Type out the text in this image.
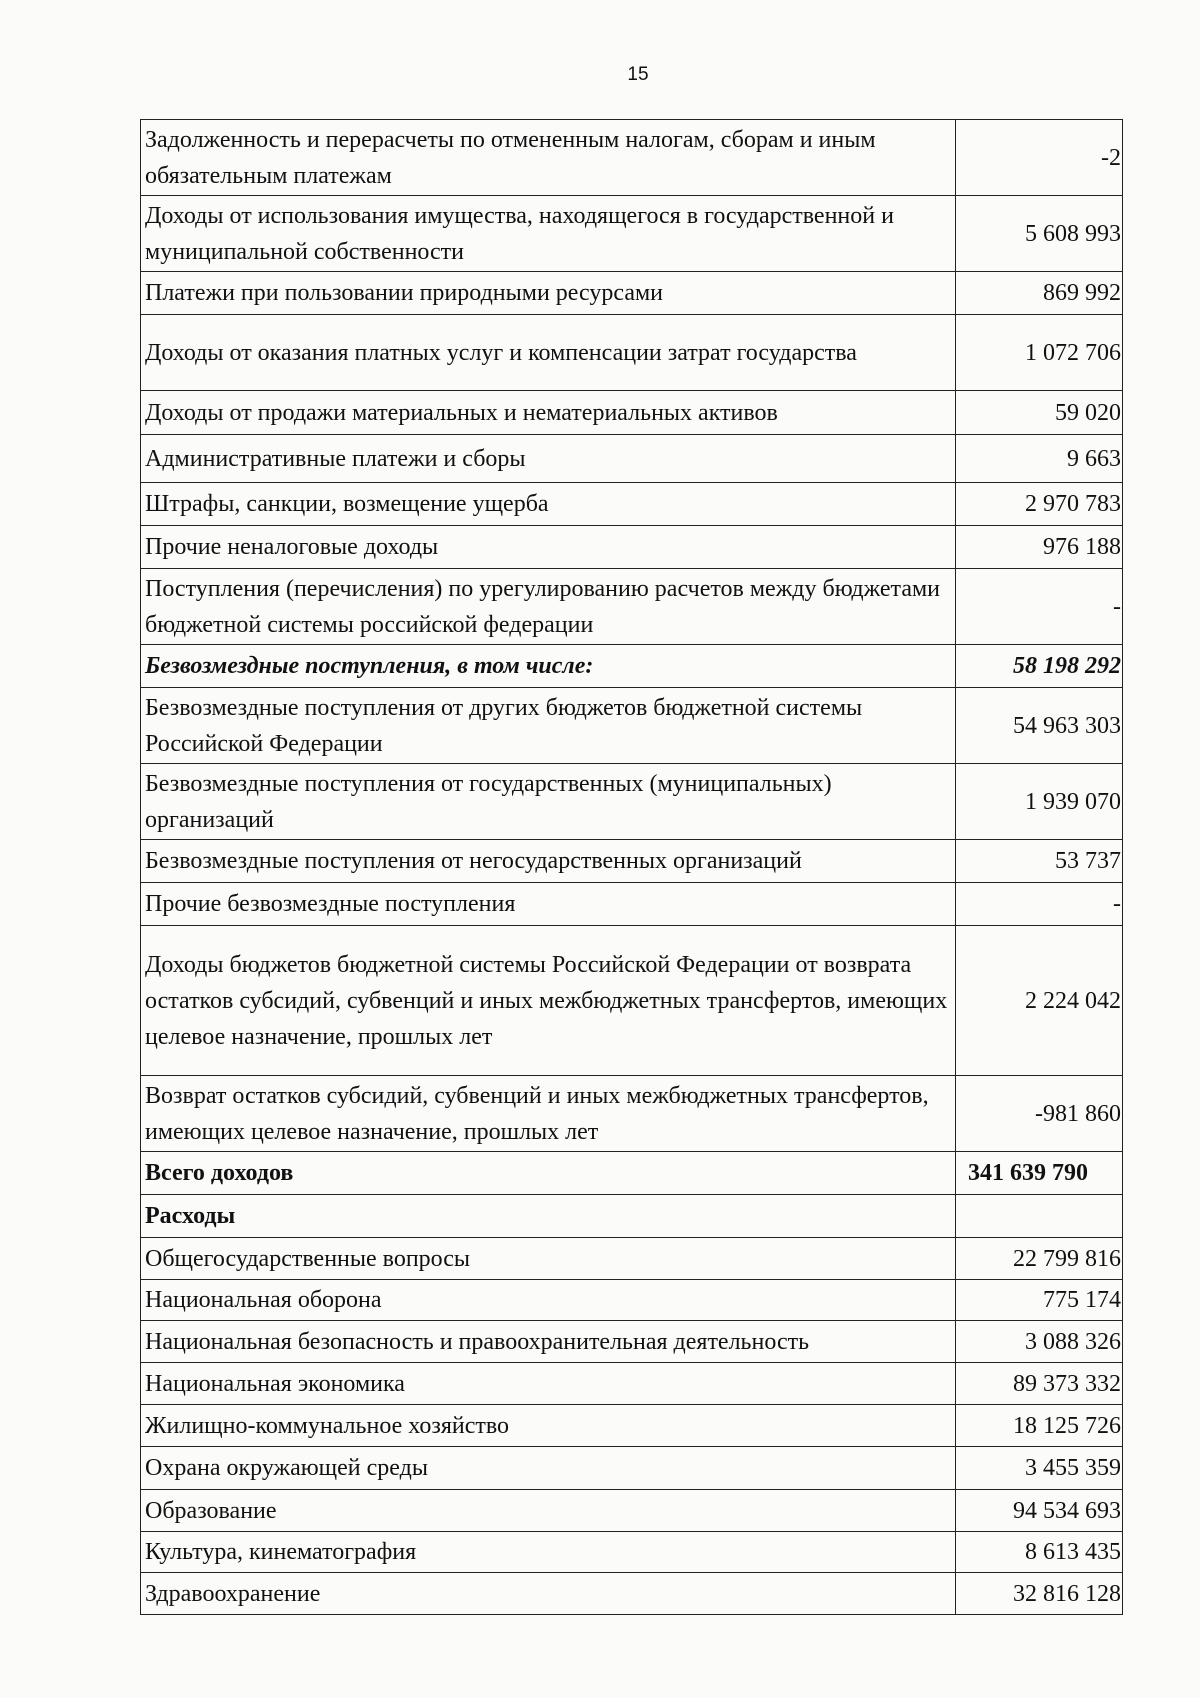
15
Задолженность и перерасчеты по отмененным налогам, сборам и иным обязательным платежам	-2
Доходы от использования имущества, находящегося в государственной и муниципальной собственности	5 608 993
Платежи при пользовании природными ресурсами	869 992
Доходы от оказания платных услуг и компенсации затрат государства	1 072 706
Доходы от продажи материальных и нематериальных активов	59 020
Административные платежи и сборы	9 663
Штрафы, санкции, возмещение ущерба	2 970 783
Прочие неналоговые доходы	976 188
Поступления (перечисления) по урегулированию расчетов между бюджетами бюджетной системы российской федерации	-
Безвозмездные поступления, в том числе:	58 198 292
Безвозмездные поступления от других бюджетов бюджетной системы Российской Федерации	54 963 303
Безвозмездные поступления от государственных (муниципальных) организаций	1 939 070
Безвозмездные поступления от негосударственных организаций	53 737
Прочие безвозмездные поступления	-
Доходы бюджетов бюджетной системы Российской Федерации от возврата остатков субсидий, субвенций и иных межбюджетных трансфертов, имеющих целевое назначение, прошлых лет	2 224 042
Возврат остатков субсидий, субвенций и иных межбюджетных трансфертов, имеющих целевое назначение, прошлых лет	-981 860
Всего доходов	341 639 790
Расходы	
Общегосударственные вопросы	22 799 816
Национальная оборона	775 174
Национальная безопасность и правоохранительная деятельность	3 088 326
Национальная экономика	89 373 332
Жилищно-коммунальное хозяйство	18 125 726
Охрана окружающей среды	3 455 359
Образование	94 534 693
Культура, кинематография	8 613 435
Здравоохранение	32 816 128
